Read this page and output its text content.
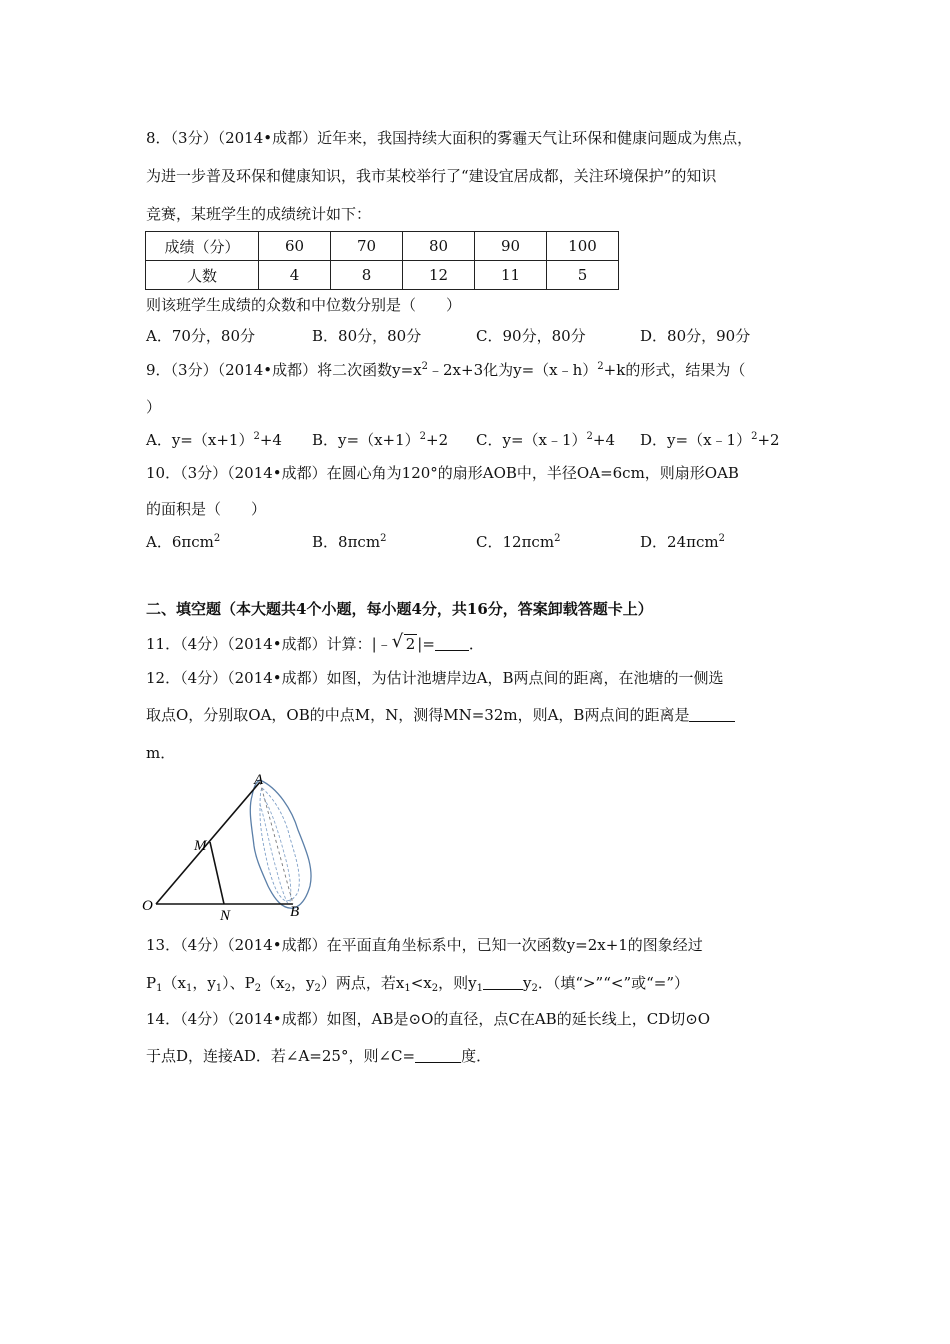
8．（3分）（2014•成都）近年来，我国持续大面积的雾霾天气让环保和健康问题成为焦点，
为进一步普及环保和健康知识，我市某校举行了“建设宜居成都，关注环境保护”的知识
竞赛，某班学生的成绩统计如下：
成绩（分）	60	70	80	90	100
人数	4	8	12	11	5
则该班学生成绩的众数和中位数分别是（　　）
A．70分，80分	B．80分，80分	C．90分，80分	D．80分，90分
9．（3分）（2014•成都）将二次函数$y=x^2﹣2x+3$化为y=（x﹣h）$^2$+k的形式，结果为（
）
A．$y=(x+1)^2+4$ B．$y=(x+1)^2+2$ C．y=（x﹣1）$^2$+4 D．y=（x﹣1）$^2$+2
10．（3分）（2014•成都）在圆心角为120°的扇形AOB中，半径OA=6cm，则扇形OAB
的面积是（　　）
A．6πcm$^2$	B．8πcm$^2$	C．12πcm$^2$	D．24πcm$^2$
二、填空题（本大题共4个小题，每小题4分，共16分，答案卸载答题卡上）
11．（4分）（2014•成都）计算：|﹣ √ 2 |= ．
12．（4分）（2014•成都）如图，为估计池塘岸边A，B两点间的距离，在池塘的一侧选
取点O，分别取OA，OB的中点M，N，测得MN=32m，则A，B两点间的距离是
m．
A
M
O
N	B
13．（4分）（2014•成都）在平面直角坐标系中，已知一次函数y=2x+1的图象经过
$P_1(x_1$，$y_1$）、$P_2(x_2$，$y_2$）两点，若$x_1<x_2$，则$y_1$	$y_2$．（填“>”“<”或“=”）
14．（4分）（2014•成都）如图，AB是⊙O的直径，点C在AB的延长线上，CD切⊙O
于点D，连接AD．若∠A=25°，则∠C=	度．
